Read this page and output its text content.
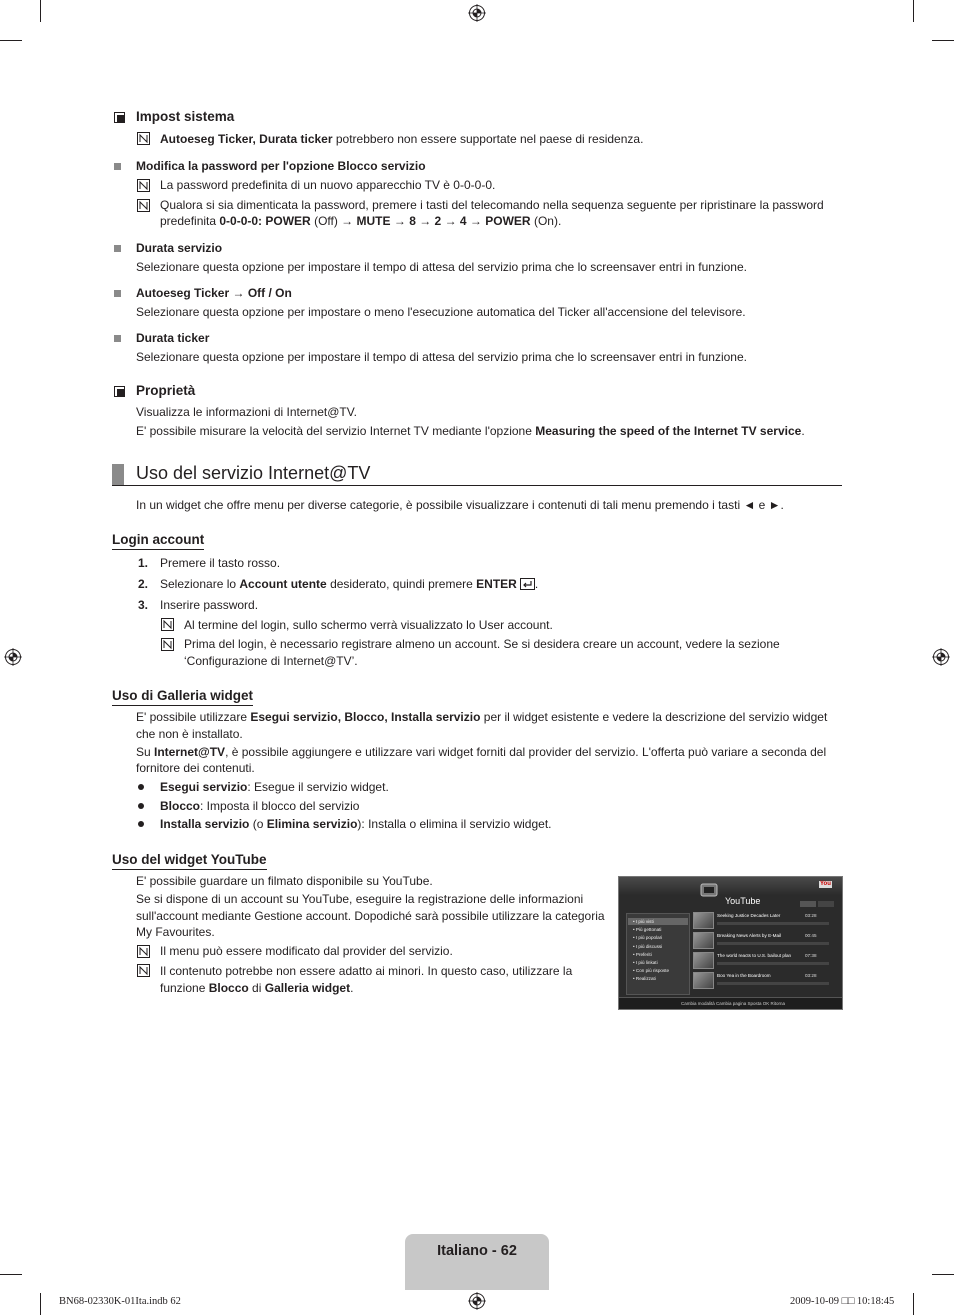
Impost sistema
Autoeseg Ticker, Durata ticker potrebbero non essere supportate nel paese di residenza.
Modifica la password per l'opzione Blocco servizio
La password predefinita di un nuovo apparecchio TV è 0-0-0-0.
Qualora si sia dimenticata la password, premere i tasti del telecomando nella sequenza seguente per ripristinare la password
predefinita 0-0-0-0: POWER (Off) → MUTE → 8 → 2 → 4 → POWER (On).
Durata servizio
Selezionare questa opzione per impostare il tempo di attesa del servizio prima che lo screensaver entri in funzione.
Autoeseg Ticker → Off / On
Selezionare questa opzione per impostare o meno l'esecuzione automatica del Ticker all'accensione del televisore.
Durata ticker
Selezionare questa opzione per impostare il tempo di attesa del servizio prima che lo screensaver entri in funzione.
Proprietà
Visualizza le informazioni di Internet@TV.
E' possibile misurare la velocità del servizio Internet TV mediante l'opzione Measuring the speed of the Internet TV service.
Uso del servizio Internet@TV
In un widget che offre menu per diverse categorie, è possibile visualizzare i contenuti di tali menu premendo i tasti ◄ e ►.
Login account
1. Premere il tasto rosso.
2. Selezionare lo Account utente desiderato, quindi premere ENTER .
3. Inserire password.
Al termine del login, sullo schermo verrà visualizzato lo User account.
Prima del login, è necessario registrare almeno un account. Se si desidera creare un account, vedere la sezione
‘Configurazione di Internet@TV’.
Uso di Galleria widget
E' possibile utilizzare Esegui servizio, Blocco, Installa servizio per il widget esistente e vedere la descrizione del servizio widget
che non è installato.
Su Internet@TV, è possibile aggiungere e utilizzare vari widget forniti dal provider del servizio. L'offerta può variare a seconda del
fornitore dei contenuti.
Esegui servizio: Esegue il servizio widget.
Blocco: Imposta il blocco del servizio
Installa servizio (o Elimina servizio): Installa o elimina il servizio widget.
Uso del widget YouTube
E' possibile guardare un filmato disponibile su YouTube.
Se si dispone di un account su YouTube, eseguire la registrazione delle informazioni
sull'account mediante Gestione account. Dopodiché sarà possibile utilizzare la categoria
My Favourites.
Il menu può essere modificato dal provider del servizio.
Il contenuto potrebbe non essere adatto ai minori. In questo caso, utilizzare la
funzione Blocco di Galleria widget.
YouTube
You
• I più visti
• Più gettonati
• I più popolari
• I più discussi
• Preferiti
• I più linkati
• Con più risposte
• Realizzati
Seeking Justice Decades Later	03:28
Breaking News Alerts by E-Mail	00:45
The world reacts to U.S. bailout plan	07:38
Boo Yea in the Boardroom	03:28
Cambia modalità Cambia pagina Sposta OK Ritorna
Italiano - 62
BN68-02330K-01Ita.indb 62	2009-10-09 □□ 10:18:45
